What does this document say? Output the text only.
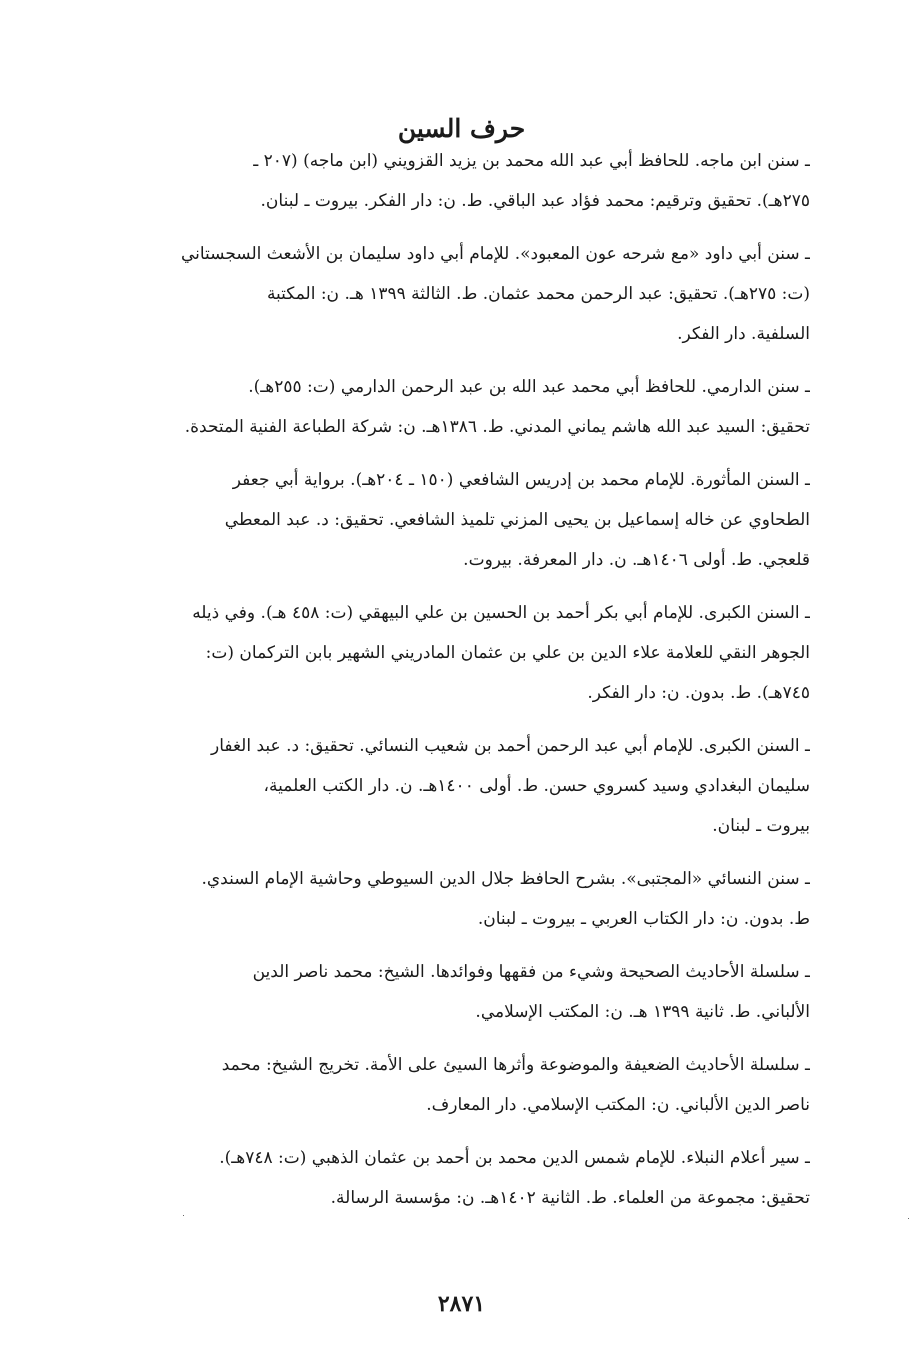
حرف السين

ـ سنن ابن ماجه. للحافظ أبي عبد الله محمد بن يزيد القزويني (ابن ماجه) (٢٠٧ ـ
٢٧٥هـ). تحقيق وترقيم: محمد فؤاد عبد الباقي. ط. ن: دار الفكر. بيروت ـ لبنان.

ـ سنن أبي داود «مع شرحه عون المعبود». للإمام أبي داود سليمان بن الأشعث السجستاني
(ت: ٢٧٥هـ). تحقيق: عبد الرحمن محمد عثمان. ط. الثالثة ١٣٩٩ هـ. ن: المكتبة
السلفية. دار الفكر.

ـ سنن الدارمي. للحافظ أبي محمد عبد الله بن عبد الرحمن الدارمي (ت: ٢٥٥هـ).
تحقيق: السيد عبد الله هاشم يماني المدني. ط. ١٣٨٦هـ. ن: شركة الطباعة الفنية المتحدة.

ـ السنن المأثورة. للإمام محمد بن إدريس الشافعي (١٥٠ ـ ٢٠٤هـ). برواية أبي جعفر
الطحاوي عن خاله إسماعيل بن يحيى المزني تلميذ الشافعي. تحقيق: د. عبد المعطي
قلعجي. ط. أولى ١٤٠٦هـ. ن. دار المعرفة. بيروت.

ـ السنن الكبرى. للإمام أبي بكر أحمد بن الحسين بن علي البيهقي (ت: ٤٥٨ هـ). وفي ذيله
الجوهر النقي للعلامة علاء الدين بن علي بن عثمان المادريني الشهير بابن التركمان (ت:
٧٤٥هـ). ط. بدون. ن: دار الفكر.

ـ السنن الكبرى. للإمام أبي عبد الرحمن أحمد بن شعيب النسائي. تحقيق: د. عبد الغفار
سليمان البغدادي وسيد كسروي حسن. ط. أولى ١٤٠٠هـ. ن. دار الكتب العلمية،
بيروت ـ لبنان.

ـ سنن النسائي «المجتبى». بشرح الحافظ جلال الدين السيوطي وحاشية الإمام السندي.
ط. بدون. ن: دار الكتاب العربي ـ بيروت ـ لبنان.

ـ سلسلة الأحاديث الصحيحة وشيء من فقهها وفوائدها. الشيخ: محمد ناصر الدين
الألباني. ط. ثانية ١٣٩٩ هـ. ن: المكتب الإسلامي.

ـ سلسلة الأحاديث الضعيفة والموضوعة وأثرها السيئ على الأمة. تخريج الشيخ: محمد
ناصر الدين الألباني. ن: المكتب الإسلامي. دار المعارف.

ـ سير أعلام النبلاء. للإمام شمس الدين محمد بن أحمد بن عثمان الذهبي (ت: ٧٤٨هـ).
تحقيق: مجموعة من العلماء. ط. الثانية ١٤٠٢هـ. ن: مؤسسة الرسالة.

٢٨٧١
